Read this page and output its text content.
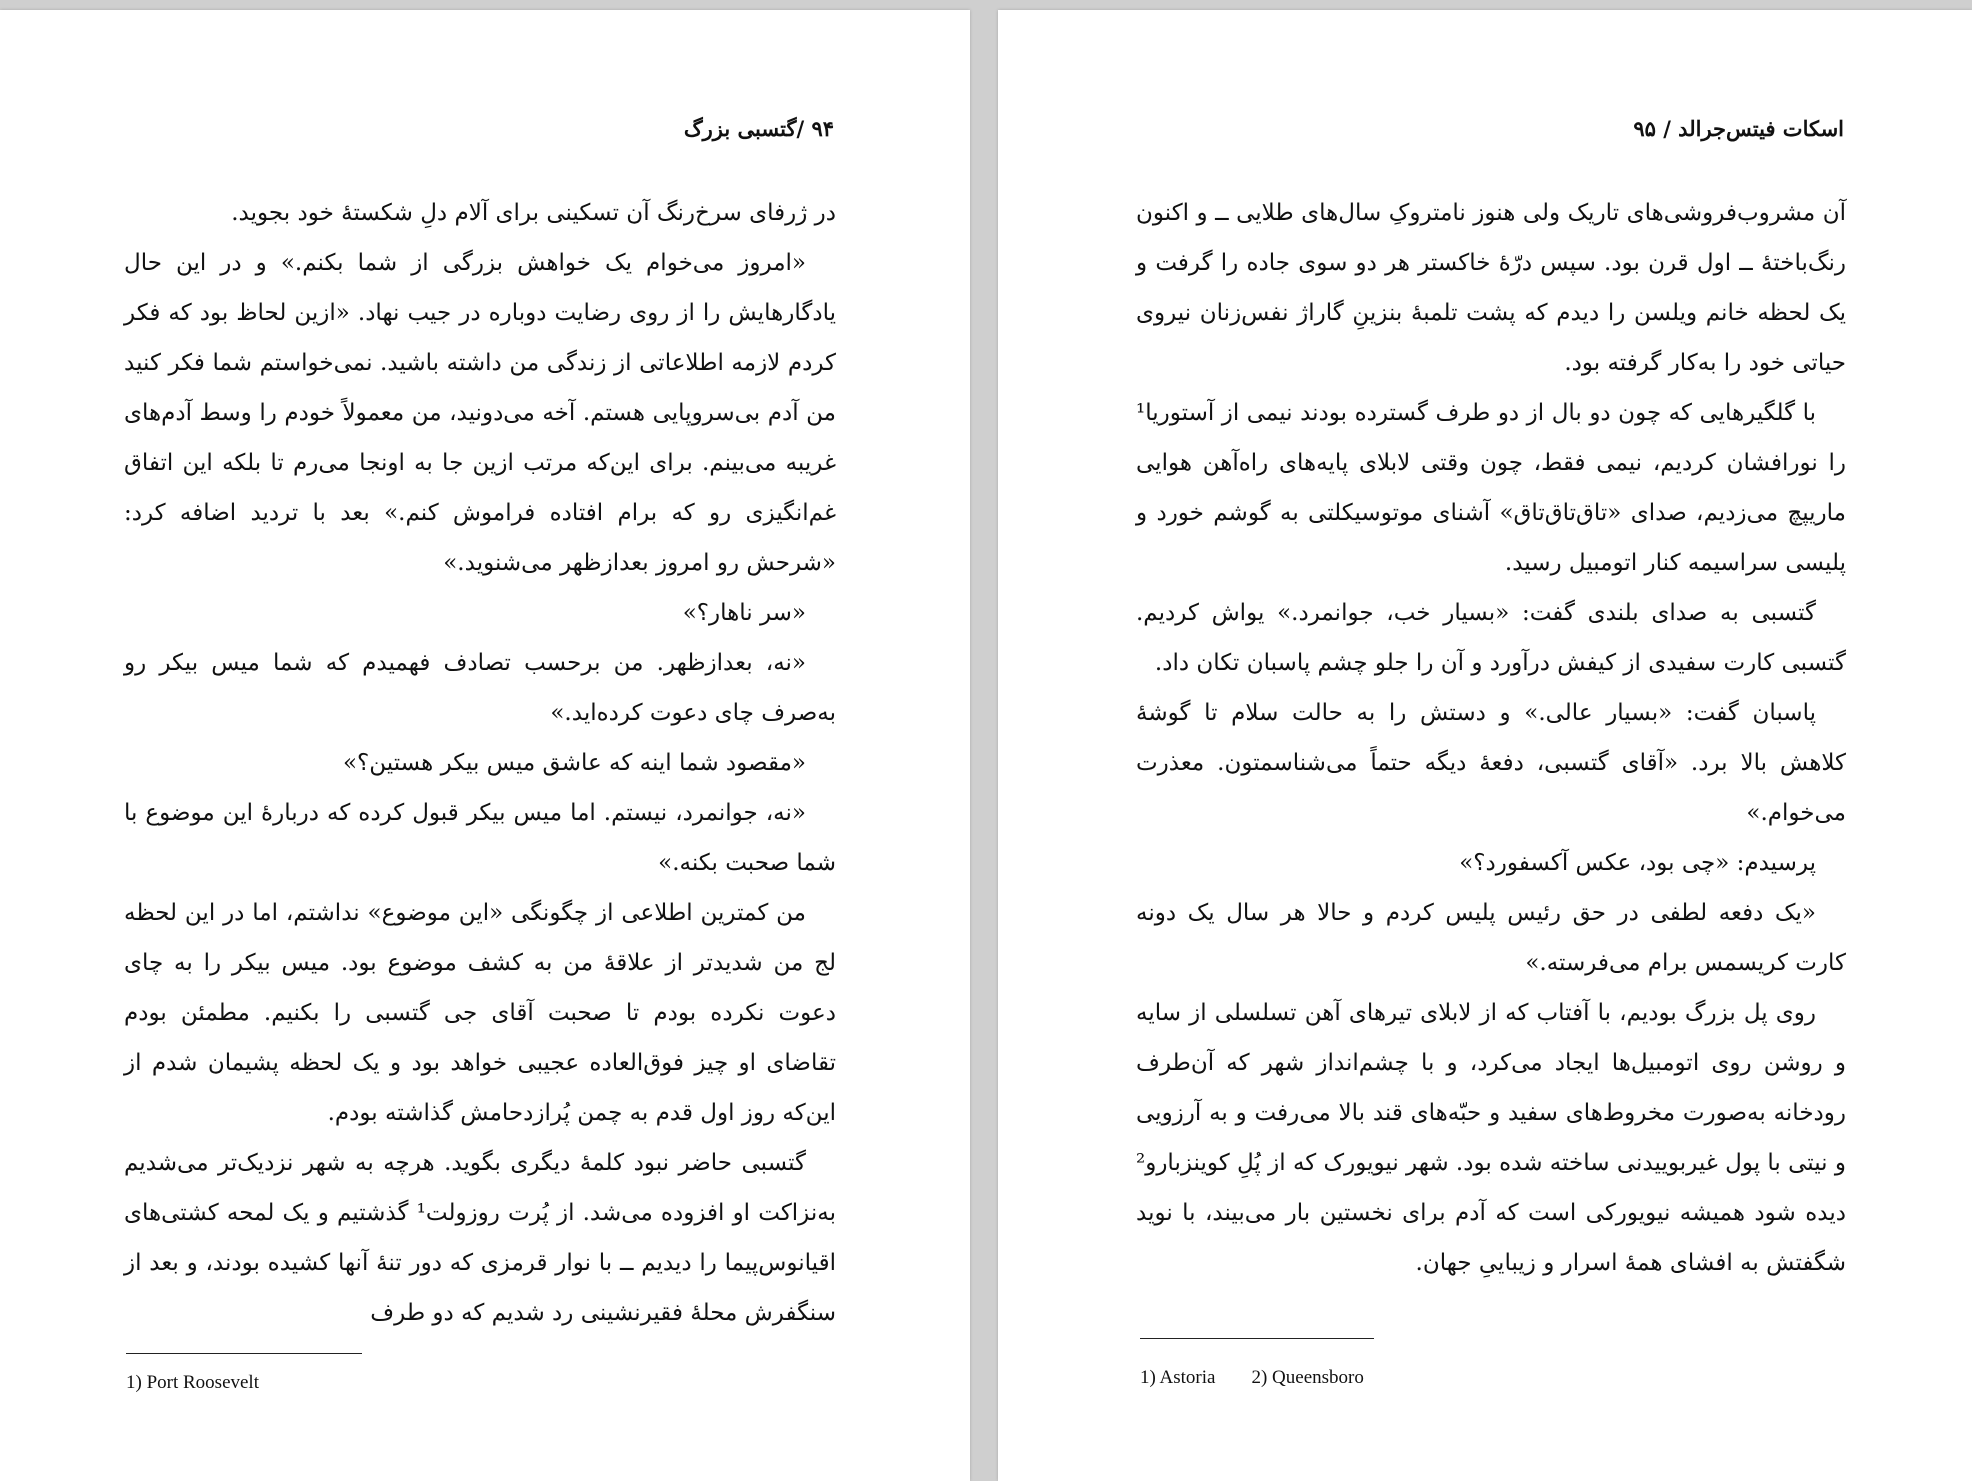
۹۴ /گتسبی بزرگ

در ژرفای سرخ‌رنگ آن تسکینی برای آلام دلِ شکستهٔ خود بجوید.

«امروز می‌خوام یک خواهش بزرگی از شما بکنم.» و در این حال یادگارهایش را از روی رضایت دوباره در جیب نهاد. «ازین لحاظ بود که فکر کردم لازمه اطلاعاتی از زندگی من داشته باشید. نمی‌خواستم شما فکر کنید من آدم بی‌سروپایی هستم. آخه می‌دونید، من معمولاً خودم را وسط آدم‌های غریبه می‌بینم. برای این‌که مرتب ازین جا به اونجا می‌رم تا بلکه این اتفاق غم‌انگیزی رو که برام افتاده فراموش کنم.» بعد با تردید اضافه کرد: «شرحش رو امروز بعدازظهر می‌شنوید.»

«سر ناهار؟»

«نه، بعدازظهر. من برحسب تصادف فهمیدم که شما میس بیکر رو به‌صرف چای دعوت کرده‌اید.»

«مقصود شما اینه که عاشق میس بیکر هستین؟»

«نه، جوانمرد، نیستم. اما میس بیکر قبول کرده که دربارهٔ این موضوع با شما صحبت بکنه.»

من کمترین اطلاعی از چگونگی «این موضوع» نداشتم، اما در این لحظه لج من شدیدتر از علاقهٔ من به کشف موضوع بود. میس بیکر را به چای دعوت نکرده بودم تا صحبت آقای جی گتسبی را بکنیم. مطمئن بودم تقاضای او چیز فوق‌العاده عجیبی خواهد بود و یک لحظه پشیمان شدم از این‌که روز اول قدم به چمن پُرازدحامش گذاشته بودم.

گتسبی حاضر نبود کلمهٔ دیگری بگوید. هرچه به شهر نزدیک‌تر می‌شدیم به‌نزاکت او افزوده می‌شد. از پُرت روزولت¹ گذشتیم و یک لمحه کشتی‌های اقیانوس‌پیما را دیدیم ــ با نوار قرمزی که دور تنهٔ آنها کشیده بودند، و بعد از سنگفرش محلهٔ فقیرنشینی رد شدیم که دو طرف

1) Port Roosevelt
اسکات فیتس‌جرالد / ۹۵

آن مشروب‌فروشی‌های تاریک ولی هنوز نامتروکِ سال‌های طلایی ــ و اکنون رنگ‌باختهٔ ــ اول قرن بود. سپس درّهٔ خاکستر هر دو سوی جاده را گرفت و یک لحظه خانم ویلسن را دیدم که پشت تلمبهٔ بنزینِ گاراژ نفس‌زنان نیروی حیاتی خود را به‌کار گرفته بود.

با گلگیرهایی که چون دو بال از دو طرف گسترده بودند نیمی از آستوریا¹ را نورافشان کردیم، نیمی فقط، چون وقتی لابلای پایه‌های راه‌آهن هوایی ماریپچ می‌زدیم، صدای «تاق‌تاق‌تاق» آشنای موتوسیکلتی به گوشم خورد و پلیسی سراسیمه کنار اتومبیل رسید.

گتسبی به صدای بلندی گفت: «بسیار خب، جوانمرد.» یواش کردیم. گتسبی کارت سفیدی از کیفش درآورد و آن را جلو چشم پاسبان تکان داد.

پاسبان گفت: «بسیار عالی.» و دستش را به حالت سلام تا گوشهٔ کلاهش بالا برد. «آقای گتسبی، دفعهٔ دیگه حتماً می‌شناسمتون. معذرت می‌خوام.»

پرسیدم: «چی بود، عکس آکسفورد؟»

«یک دفعه لطفی در حق رئیس پلیس کردم و حالا هر سال یک دونه کارت کریسمس برام می‌فرسته.»

روی پل بزرگ بودیم، با آفتاب که از لابلای تیرهای آهن تسلسلی از سایه و روشن روی اتومبیل‌ها ایجاد می‌کرد، و با چشم‌انداز شهر که آن‌طرف رودخانه به‌صورت مخروط‌های سفید و حبّه‌های قند بالا می‌رفت و به آرزویی و نیتی با پول غیربوییدنی ساخته شده بود. شهر نیویورک که از پُلِ کوینزبارو² دیده شود همیشه نیویورکی است که آدم برای نخستین بار می‌بیند، با نوید شگفتش به افشای همهٔ اسرار و زیباییِ جهان.

1) Astoria 2) Queensboro
